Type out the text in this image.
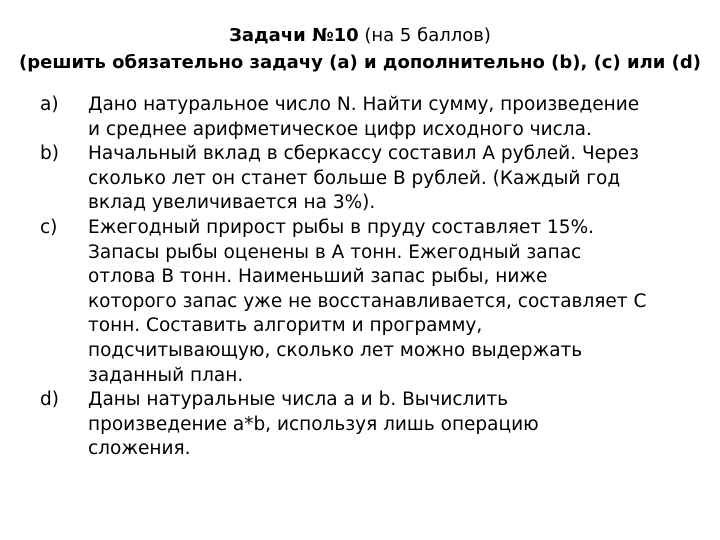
Задачи №10 (на 5 баллов)
(решить обязательно задачу (a) и дополнительно (b), (c) или (d)
a) Дано натуральное число N. Найти сумму, произведение
и среднее арифметическое цифр исходного числа.
b) Начальный вклад в сберкассу составил А рублей. Через
сколько лет он станет больше В рублей. (Каждый год
вклад увеличивается на 3%).
c) Ежегодный прирост рыбы в пруду составляет 15%.
Запасы рыбы оценены в А тонн. Ежегодный запас
отлова В тонн. Наименьший запас рыбы, ниже
которого запас уже не восстанавливается, составляет С
тонн. Составить алгоритм и программу,
подсчитывающую, сколько лет можно выдержать
заданный план.
d) Даны натуральные числа a и b. Вычислить
произведение a*b, используя лишь операцию
сложения.
